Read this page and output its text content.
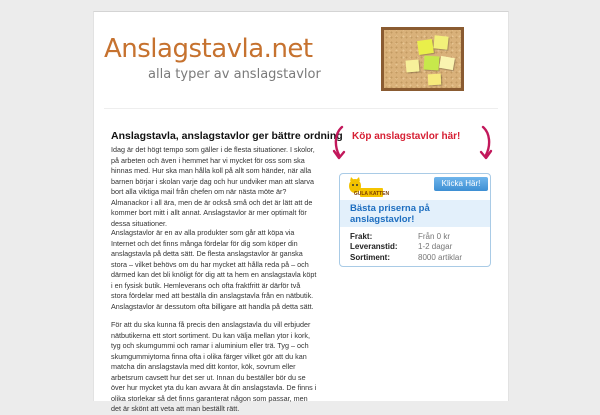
Anslagstavla.net
alla typer av anslagstavlor
Anslagstavla, anslagstavlor ger bättre ordning

Idag är det högt tempo som gäller i de flesta situationer. I skolor, på arbeten och även i hemmet har vi mycket för oss som ska hinnas med. Hur ska man hålla koll på allt som händer, när alla barnen börjar i skolan varje dag och hur undviker man att slarva bort alla viktiga mail från chefen om när nästa möte är? Almanackor i all ära, men de är också små och det är lätt att de kommer bort mitt i allt annat. Anslagstavlor är mer optimalt för dessa situationer.

Anslagstavlor är en av alla produkter som går att köpa via Internet och det finns många fördelar för dig som köper din anslagstavla på detta sätt. De flesta anslagstavlor är ganska stora – vilket behövs om du har mycket att hålla reda på – och därmed kan det bli knöligt för dig att ta hem en anslagstavla köpt i en fysisk butik. Hemleverans och ofta fraktfritt är därför två stora fördelar med att beställa din anslagstavla från en nätbutik. Anslagstavlor är dessutom ofta billigare att handla på detta sätt.

För att du ska kunna få precis den anslagstavla du vill erbjuder nätbutikerna ett stort sortiment. Du kan välja mellan ytor i kork, tyg och skumgummi och ramar i aluminium eller trä. Tyg – och skumgummiytorna finna ofta i olika färger vilket gör att du kan matcha din anslagstavla med ditt kontor, kök, sovrum eller arbetsrum cavsett hur det ser ut. Innan du beställer bör du se över hur mycket yta du kan avvara åt din anslagstavla. De finns i olika storlekar så det finns garanterat någon som passar, men det är skönt att veta att man beställt rätt.

Köp anslagstavlor här!
GULA KATTEN
Klicka Här!
Bästa priserna på anslagstavlor!
Frakt:	Från 0 kr
Leveranstid:	1-2 dagar
Sortiment:	8000 artiklar
